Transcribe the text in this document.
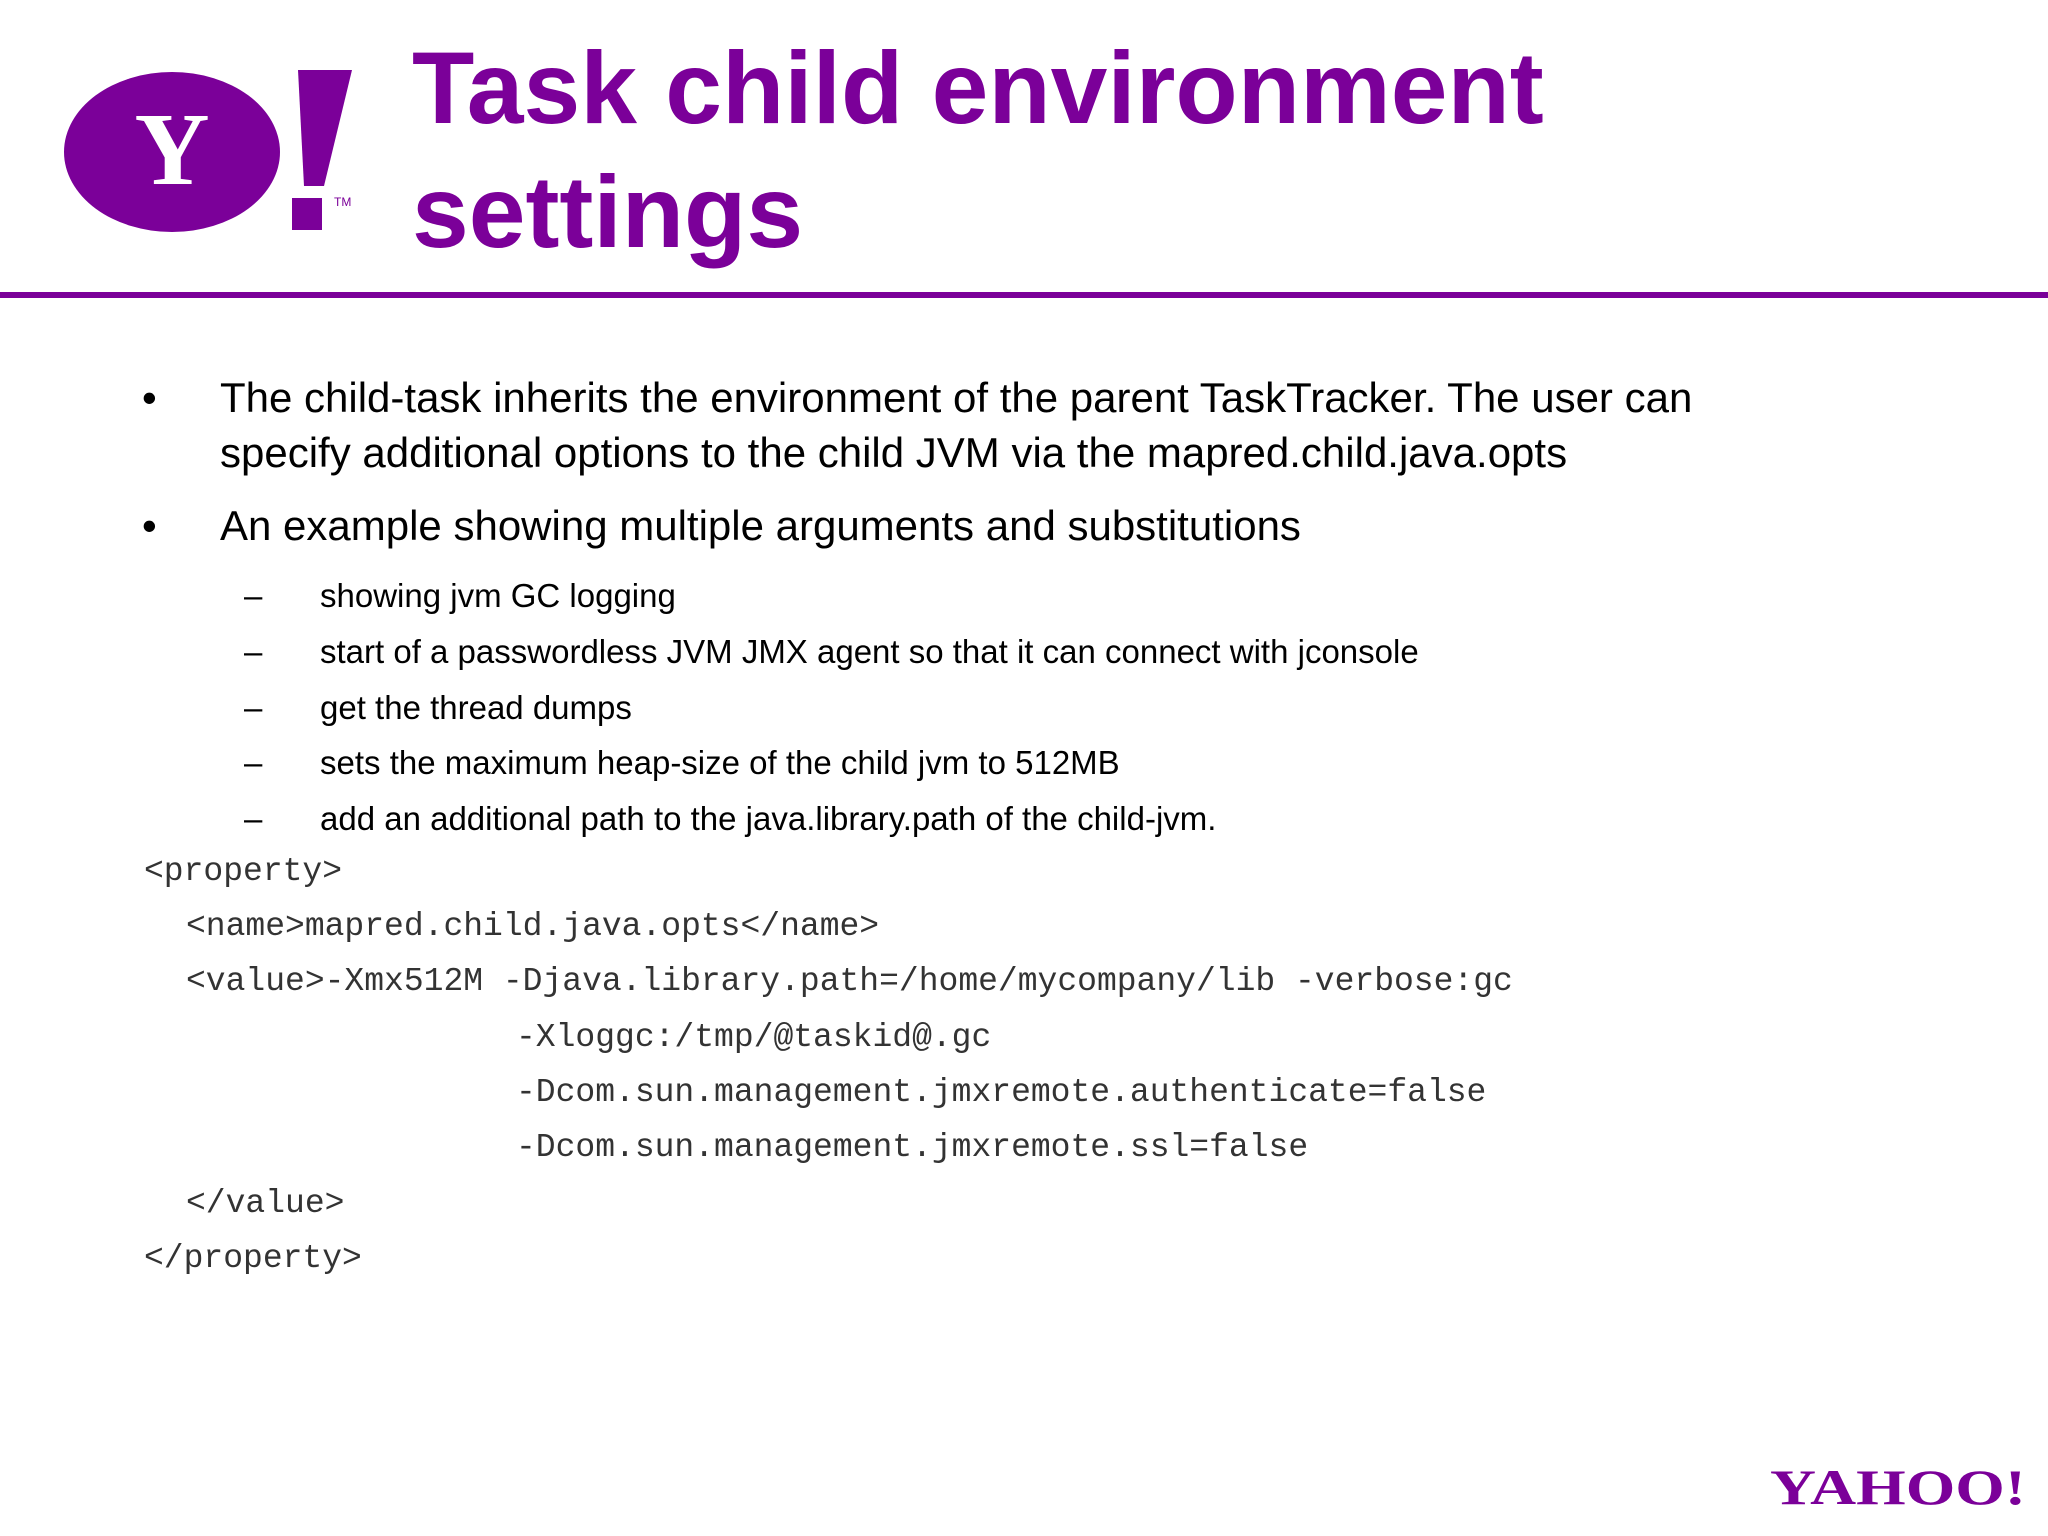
Y	TM
Task child environment
settings
• The child-task inherits the environment of the parent TaskTracker. The user can
specify additional options to the child JVM via the mapred.child.java.opts
• An example showing multiple arguments and substitutions
– showing jvm GC logging
– start of a passwordless JVM JMX agent so that it can connect with jconsole
– get the thread dumps
– sets the maximum heap-size of the child jvm to 512MB
– add an additional path to the java.library.path of the child-jvm.

<property>

<name>mapred.child.java.opts</name>

<value>-Xmx512M -Djava.library.path=/home/mycompany/lib -verbose:gc

-Xloggc:/tmp/@taskid@.gc

-Dcom.sun.management.jmxremote.authenticate=false

-Dcom.sun.management.jmxremote.ssl=false

</value>

</property>

YAHOO!
